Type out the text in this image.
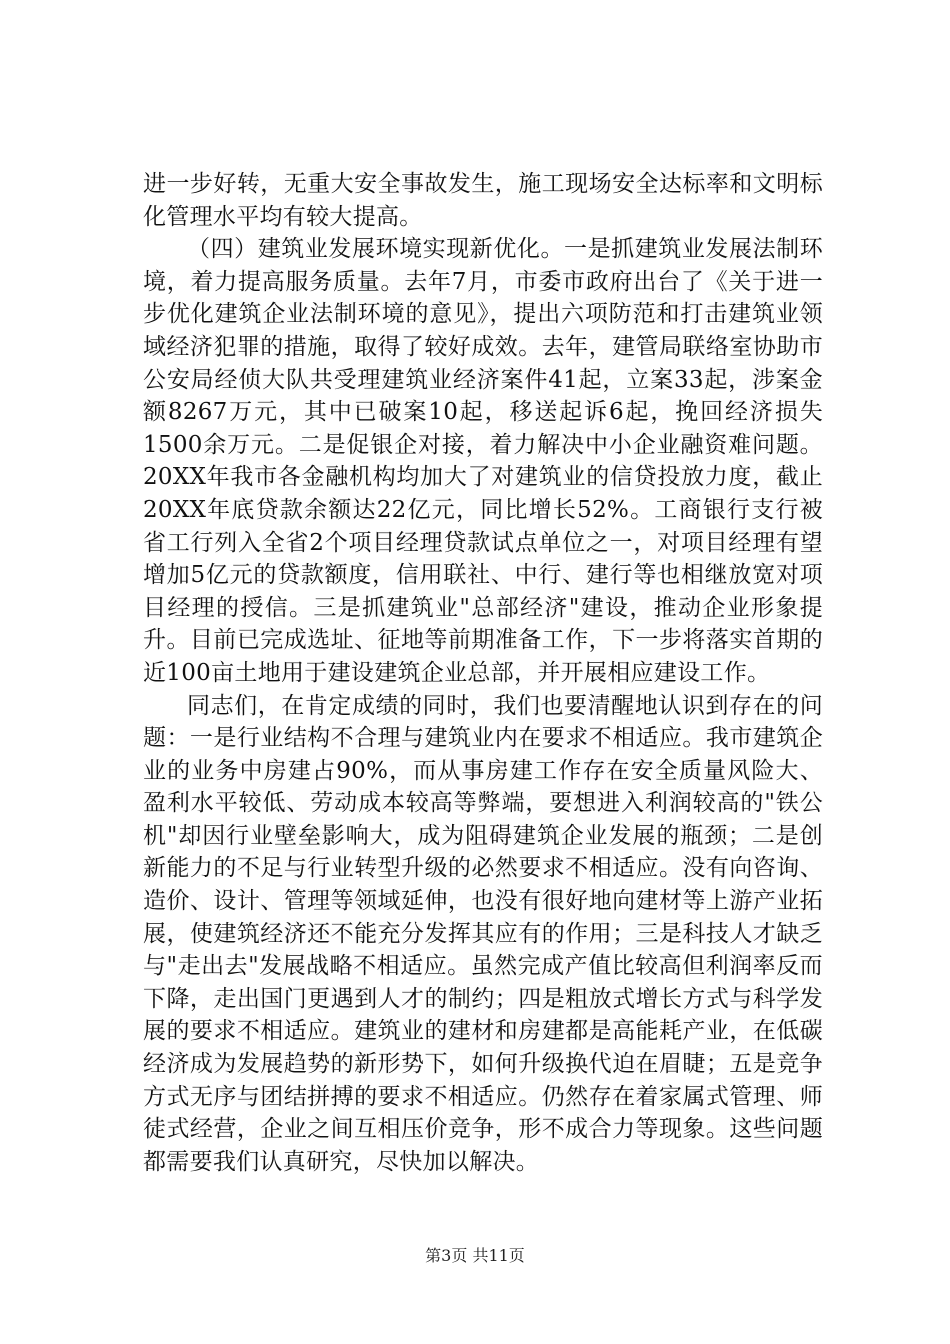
进一步好转，无重大安全事故发生，施工现场安全达标率和文明标化管理水平均有较大提高。

（四）建筑业发展环境实现新优化。一是抓建筑业发展法制环境，着力提高服务质量。去年7月，市委市政府出台了《关于进一步优化建筑企业法制环境的意见》，提出六项防范和打击建筑业领域经济犯罪的措施，取得了较好成效。去年，建管局联络室协助市公安局经侦大队共受理建筑业经济案件41起，立案33起，涉案金额8267万元，其中已破案10起，移送起诉6起，挽回经济损失1500余万元。二是促银企对接，着力解决中小企业融资难问题。20XX年我市各金融机构均加大了对建筑业的信贷投放力度，截止20XX年底贷款余额达22亿元，同比增长52%。工商银行支行被省工行列入全省2个项目经理贷款试点单位之一，对项目经理有望增加5亿元的贷款额度，信用联社、中行、建行等也相继放宽对项目经理的授信。三是抓建筑业"总部经济"建设，推动企业形象提升。目前已完成选址、征地等前期准备工作，下一步将落实首期的近100亩土地用于建设建筑企业总部，并开展相应建设工作。

同志们，在肯定成绩的同时，我们也要清醒地认识到存在的问题：一是行业结构不合理与建筑业内在要求不相适应。我市建筑企业的业务中房建占90%，而从事房建工作存在安全质量风险大、盈利水平较低、劳动成本较高等弊端，要想进入利润较高的"铁公机"却因行业壁垒影响大，成为阻碍建筑企业发展的瓶颈；二是创新能力的不足与行业转型升级的必然要求不相适应。没有向咨询、造价、设计、管理等领域延伸，也没有很好地向建材等上游产业拓展，使建筑经济还不能充分发挥其应有的作用；三是科技人才缺乏与"走出去"发展战略不相适应。虽然完成产值比较高但利润率反而下降，走出国门更遇到人才的制约；四是粗放式增长方式与科学发展的要求不相适应。建筑业的建材和房建都是高能耗产业，在低碳经济成为发展趋势的新形势下，如何升级换代迫在眉睫；五是竞争方式无序与团结拼搏的要求不相适应。仍然存在着家属式管理、师徒式经营，企业之间互相压价竞争，形不成合力等现象。这些问题都需要我们认真研究，尽快加以解决。

第3页 共11页
